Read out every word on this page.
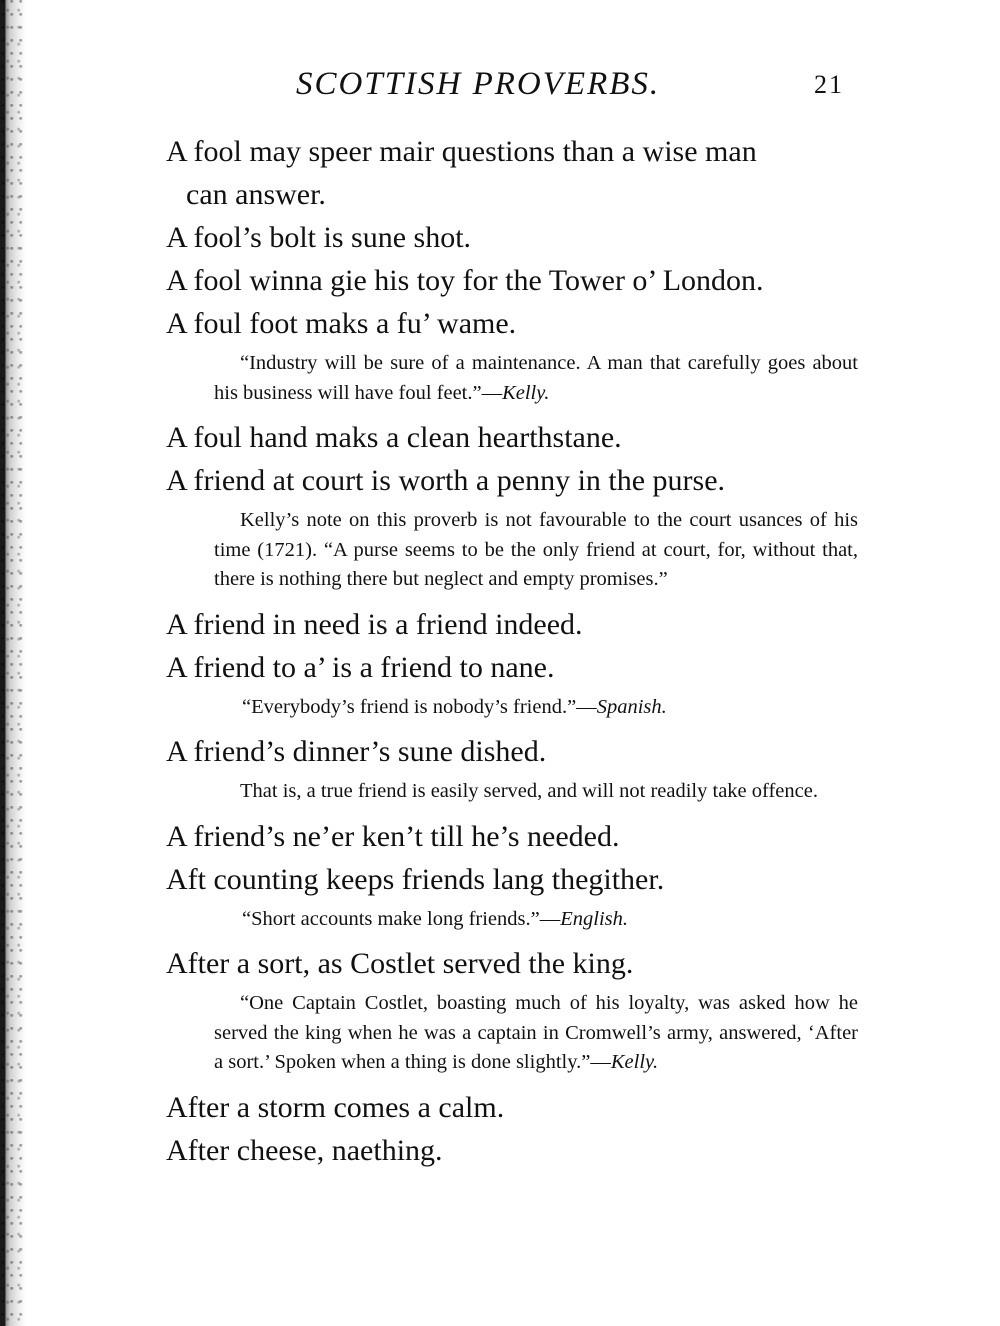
SCOTTISH PROVERBS.	21

A fool may speer mair questions than a wise man
can answer.

A fool’s bolt is sune shot.

A fool winna gie his toy for the Tower o’ London.

A foul foot maks a fu’ wame.

“Industry will be sure of a maintenance. A man that carefully goes about his business will have foul feet.”—Kelly.

A foul hand maks a clean hearthstane.

A friend at court is worth a penny in the purse.

Kelly’s note on this proverb is not favourable to the court usances of his time (1721). “A purse seems to be the only friend at court, for, without that, there is nothing there but neglect and empty promises.”

A friend in need is a friend indeed.

A friend to a’ is a friend to nane.

“Everybody’s friend is nobody’s friend.”—Spanish.

A friend’s dinner’s sune dished.

That is, a true friend is easily served, and will not readily take offence.

A friend’s ne’er ken’t till he’s needed.

Aft counting keeps friends lang thegither.

“Short accounts make long friends.”—English.

After a sort, as Costlet served the king.

“One Captain Costlet, boasting much of his loyalty, was asked how he served the king when he was a captain in Cromwell’s army, answered, ‘After a sort.’ Spoken when a thing is done slightly.”—Kelly.

After a storm comes a calm.

After cheese, naething.
